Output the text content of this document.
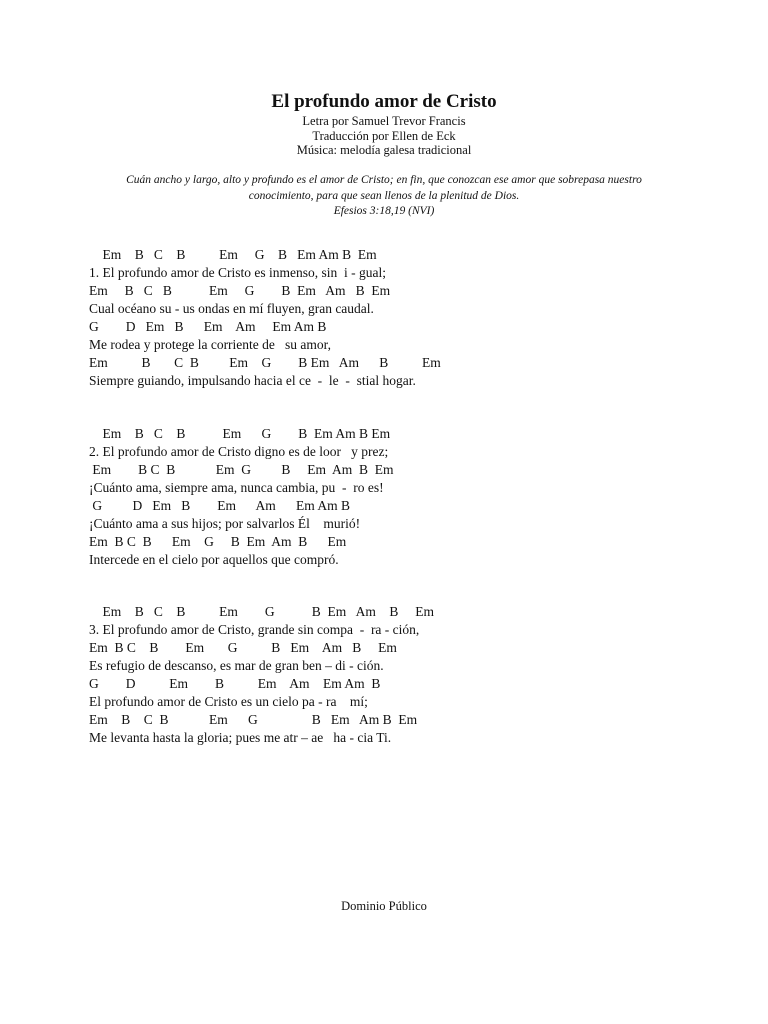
El profundo amor de Cristo
Letra por Samuel Trevor Francis
Traducción por Ellen de Eck
Música: melodía galesa tradicional
Cuán ancho y largo, alto y profundo es el amor de Cristo; en fin, que conozcan ese amor que sobrepasa nuestro
conocimiento, para que sean llenos de la plenitud de Dios.
Efesios 3:18,19 (NVI)
Em    B   C    B          Em     G    B   Em Am B  Em
1. El profundo amor de Cristo es inmenso, sin  i - gual;
Em     B   C   B           Em     G        B  Em   Am   B  Em
Cual océano su - us ondas en mí fluyen, gran caudal.
G        D   Em   B      Em    Am     Em Am B
Me rodea y protege la corriente de   su amor,
Em          B       C  B         Em    G        B Em   Am      B          Em
Siempre guiando, impulsando hacia el ce  -  le  -  stial hogar.
Em    B   C    B           Em      G        B  Em Am B Em
2. El profundo amor de Cristo digno es de loor   y prez;
Em        B C  B            Em  G         B     Em  Am  B  Em
¡Cuánto ama, siempre ama, nunca cambia, pu  -  ro es!
G         D   Em   B        Em      Am      Em Am B
¡Cuánto ama a sus hijos; por salvarlos Él    murió!
Em  B C  B      Em    G     B  Em  Am  B      Em
Intercede en el cielo por aquellos que compró.
Em    B   C    B          Em        G           B  Em   Am    B     Em
3. El profundo amor de Cristo, grande sin compa  -  ra - ción,
Em  B C    B        Em       G          B   Em    Am   B     Em
Es refugio de descanso, es mar de gran ben – di - ción.
G        D          Em        B          Em    Am    Em Am  B
El profundo amor de Cristo es un cielo pa - ra    mí;
Em    B    C  B            Em      G                B   Em   Am B  Em
Me levanta hasta la gloria; pues me atr – ae   ha - cia Ti.
Dominio Público
